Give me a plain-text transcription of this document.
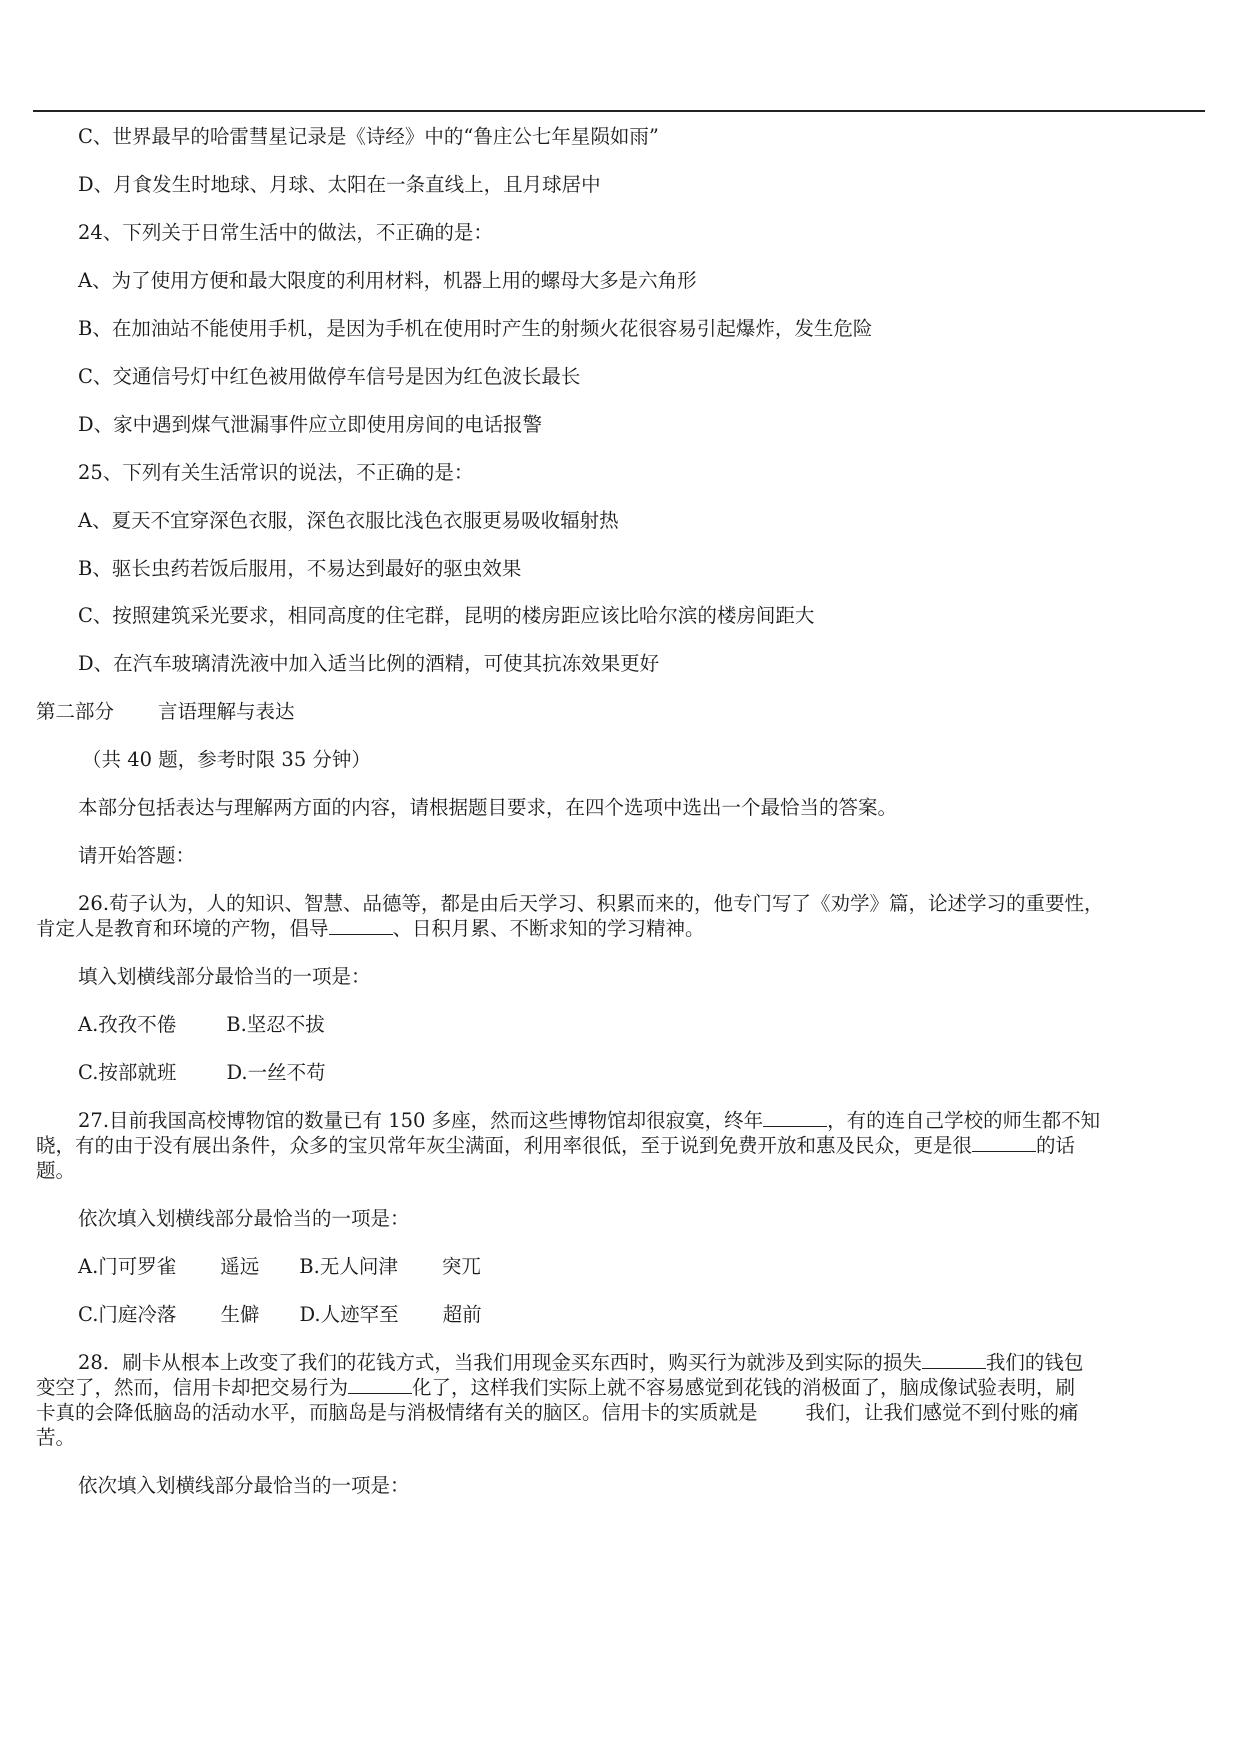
C、世界最早的哈雷彗星记录是《诗经》中的“鲁庄公七年星陨如雨”
D、月食发生时地球、月球、太阳在一条直线上，且月球居中
24、下列关于日常生活中的做法，不正确的是：
A、为了使用方便和最大限度的利用材料，机器上用的螺母大多是六角形
B、在加油站不能使用手机，是因为手机在使用时产生的射频火花很容易引起爆炸，发生危险
C、交通信号灯中红色被用做停车信号是因为红色波长最长
D、家中遇到煤气泄漏事件应立即使用房间的电话报警
25、下列有关生活常识的说法，不正确的是：
A、夏天不宜穿深色衣服，深色衣服比浅色衣服更易吸收辐射热
B、驱长虫药若饭后服用，不易达到最好的驱虫效果
C、按照建筑采光要求，相同高度的住宅群，昆明的楼房距应该比哈尔滨的楼房间距大
D、在汽车玻璃清洗液中加入适当比例的酒精，可使其抗冻效果更好
第二部分 言语理解与表达
（共 40 题，参考时限 35 分钟）
本部分包括表达与理解两方面的内容，请根据题目要求，在四个选项中选出一个最恰当的答案。
请开始答题：
26.荀子认为，人的知识、智慧、品德等，都是由后天学习、积累而来的，他专门写了《劝学》篇，论述学习的重要性，
肯定人是教育和环境的产物，倡导	、日积月累、不断求知的学习精神。
填入划横线部分最恰当的一项是：
A.孜孜不倦	B.坚忍不拔
C.按部就班	D.一丝不苟
27.目前我国高校博物馆的数量已有 150 多座，然而这些博物馆却很寂寞，终年	，有的连自己学校的师生都不知
晓，有的由于没有展出条件，众多的宝贝常年灰尘满面，利用率很低，至于说到免费开放和惠及民众，更是很	的话
题。
依次填入划横线部分最恰当的一项是：
A.门可罗雀 遥远 B.无人问津 突兀
C.门庭冷落 生僻 D.人迹罕至 超前
28．刷卡从根本上改变了我们的花钱方式，当我们用现金买东西时，购买行为就涉及到实际的损失	我们的钱包
变空了，然而，信用卡却把交易行为	化了，这样我们实际上就不容易感觉到花钱的消极面了，脑成像试验表明，刷
卡真的会降低脑岛的活动水平，而脑岛是与消极情绪有关的脑区。信用卡的实质就是 我们，让我们感觉不到付账的痛
苦。
依次填入划横线部分最恰当的一项是：
